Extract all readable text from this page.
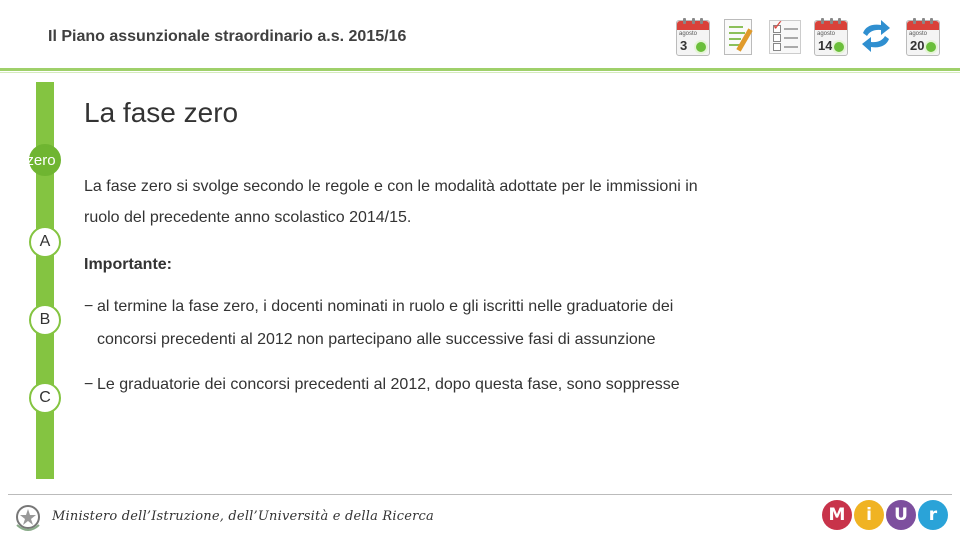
Il Piano assunzionale straordinario a.s. 2015/16	agosto
3
✓
agosto
14
agosto
20
zero
A
B
C
La fase zero
La fase zero si svolge secondo le regole e con le modalità adottate per le immissioni in
ruolo del precedente anno scolastico 2014/15.
Importante:
− al termine la fase zero, i docenti nominati in ruolo e gli iscritti nelle graduatorie dei
concorsi precedenti al 2012 non partecipano alle successive fasi di assunzione
− Le graduatorie dei concorsi precedenti al 2012, dopo questa fase, sono soppresse
Ministero dell’Istruzione, dell’Università e della Ricerca	M	i	U	r
